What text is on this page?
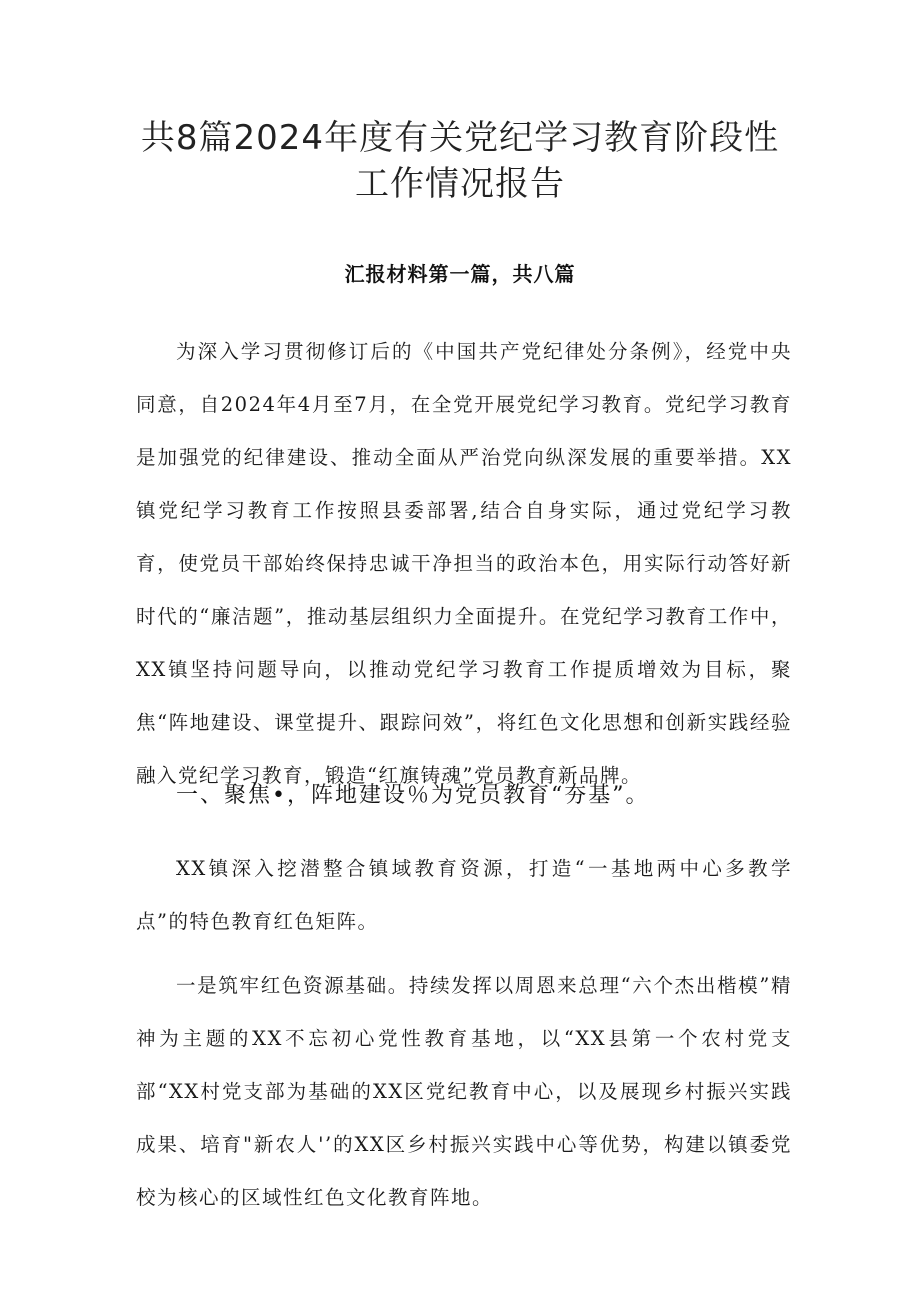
共8篇2024年度有关党纪学习教育阶段性
工作情况报告
汇报材料第一篇，共八篇

为深入学习贯彻修订后的《中国共产党纪律处分条例》，经党中央同意，自2024年4月至7月，在全党开展党纪学习教育。党纪学习教育是加强党的纪律建设、推动全面从严治党向纵深发展的重要举措。XX镇党纪学习教育工作按照县委部署,结合自身实际，通过党纪学习教育，使党员干部始终保持忠诚干净担当的政治本色，用实际行动答好新时代的“廉洁题”，推动基层组织力全面提升。在党纪学习教育工作中，XX镇坚持问题导向，以推动党纪学习教育工作提质增效为目标，聚焦“阵地建设、课堂提升、跟踪问效”，将红色文化思想和创新实践经验融入党纪学习教育，锻造“红旗铸魂”党员教育新品牌。

一、聚焦•，阵地建设％为党员教育“夯基”。

XX镇深入挖潜整合镇域教育资源，打造“一基地两中心多教学点”的特色教育红色矩阵。

一是筑牢红色资源基础。持续发挥以周恩来总理“六个杰出楷模”精神为主题的XX不忘初心党性教育基地，以“XX县第一个农村党支部“XX村党支部为基础的XX区党纪教育中心，以及展现乡村振兴实践成果、培育"新农人'’的XX区乡村振兴实践中心等优势，构建以镇委党校为核心的区域性红色文化教育阵地。
